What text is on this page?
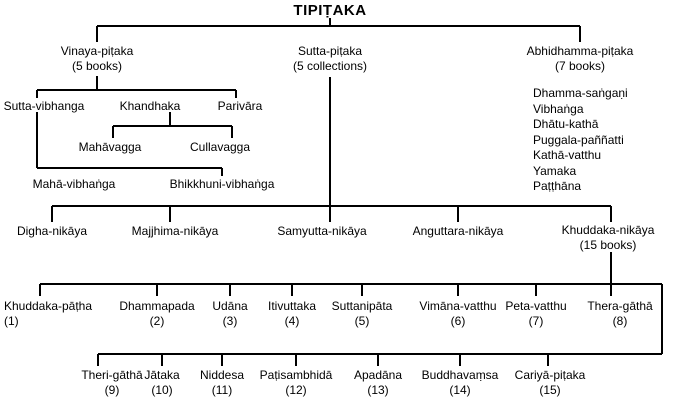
TIPIṬAKA
Vinaya-piṭaka
(5 books)
Sutta-piṭaka
(5 collections)
Abhidhamma-piṭaka
(7 books)
Sutta-vibhanga	Khandhaka	Parivāra
Mahāvagga	Cullavagga
Mahā-vibhaṅga	Bhikkhuni-vibhaṅga
Dhamma-saṅgaṇi
Vibhaṅga
Dhātu-kathā
Puggala-paññatti
Kathā-vatthu
Yamaka
Paṭṭhāna
Digha-nikāya	Majjhima-nikāya	Samyutta-nikāya	Anguttara-nikāya	Khuddaka-nikāya
(15 books)
Khuddaka-pāṭha
(1)
Dhammapada
(2)
Udāna
(3)
Itivuttaka
(4)
Suttanipāta
(5)
Vimāna-vatthu
(6)
Peta-vatthu
(7)
Thera-gāthā
(8)
Theri-gāthā
(9)
Jātaka
(10)
Niddesa
(11)
Paṭisambhidā
(12)
Apadāna
(13)
Buddhavaṃsa
(14)
Cariyā-piṭaka
(15)
